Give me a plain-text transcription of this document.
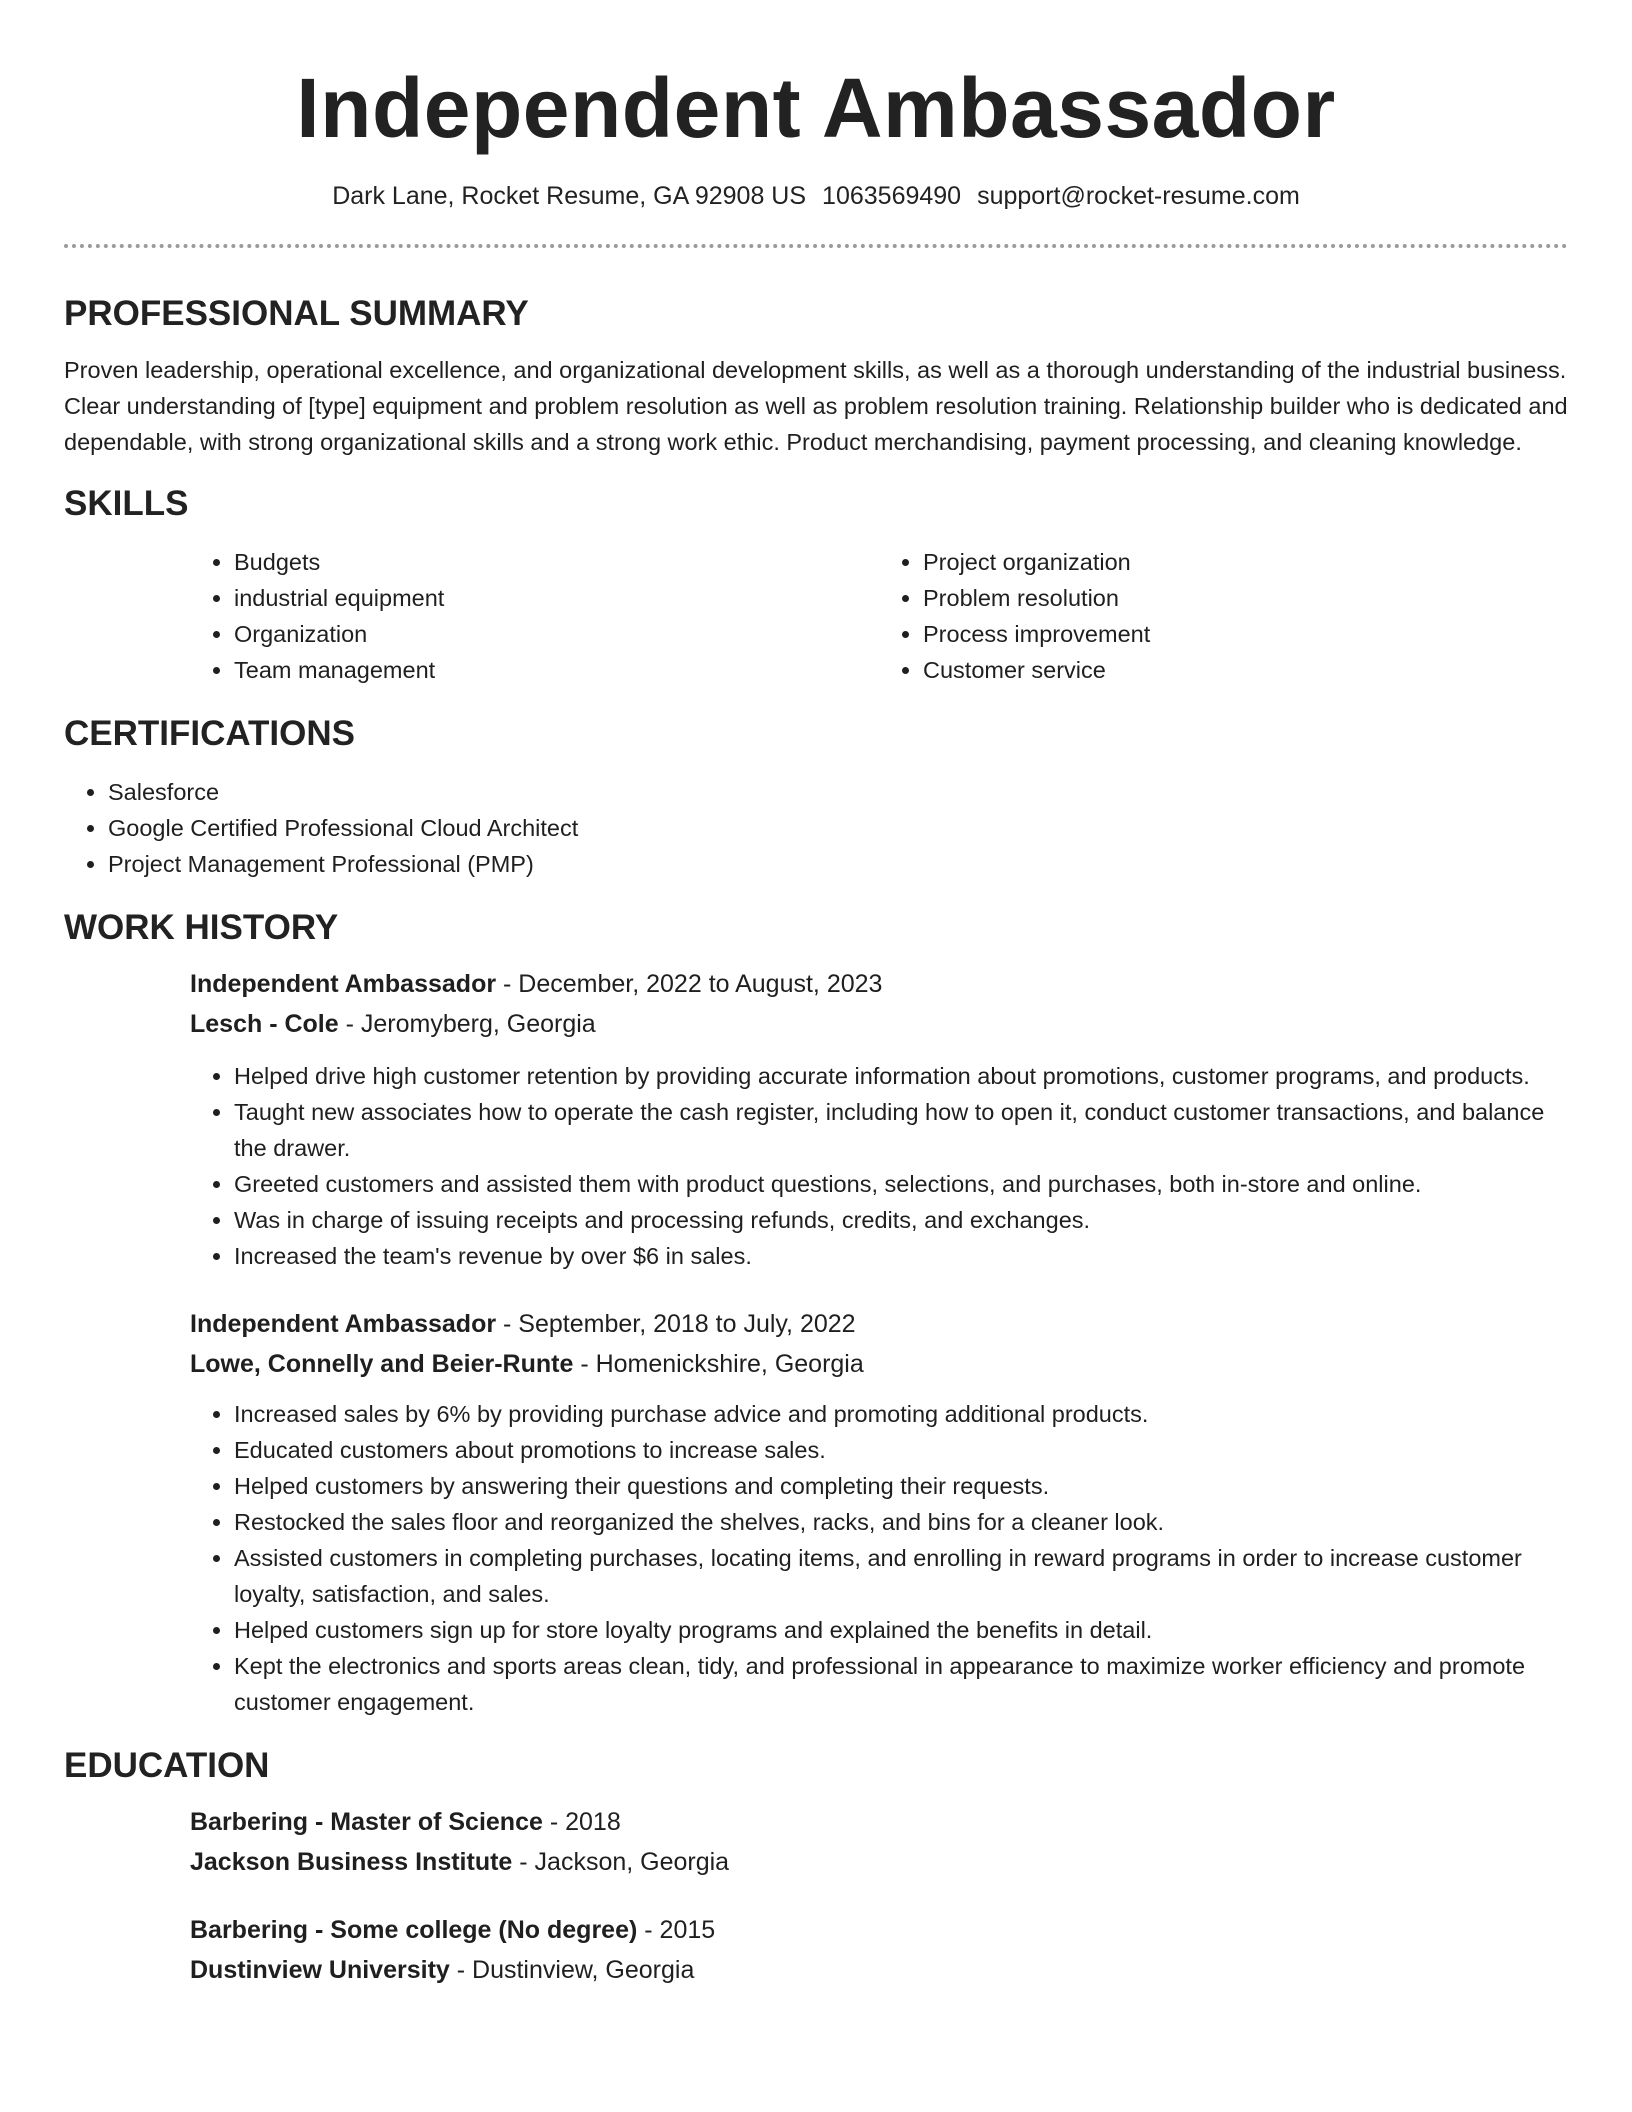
Independent Ambassador
Dark Lane, Rocket Resume, GA 92908 US 1063569490 support@rocket-resume.com
PROFESSIONAL SUMMARY

Proven leadership, operational excellence, and organizational development skills, as well as a thorough understanding of the industrial business. Clear understanding of [type] equipment and problem resolution as well as problem resolution training. Relationship builder who is dedicated and dependable, with strong organizational skills and a strong work ethic. Product merchandising, payment processing, and cleaning knowledge.

SKILLS
• Budgets
• industrial equipment
• Organization
• Team management
• Project organization
• Problem resolution
• Process improvement
• Customer service
CERTIFICATIONS
• Salesforce
• Google Certified Professional Cloud Architect
• Project Management Professional (PMP)
WORK HISTORY
Independent Ambassador - December, 2022 to August, 2023
Lesch - Cole - Jeromyberg, Georgia
• Helped drive high customer retention by providing accurate information about promotions, customer programs, and products.
• Taught new associates how to operate the cash register, including how to open it, conduct customer transactions, and balance the drawer.
• Greeted customers and assisted them with product questions, selections, and purchases, both in-store and online.
• Was in charge of issuing receipts and processing refunds, credits, and exchanges.
• Increased the team's revenue by over $6 in sales.
Independent Ambassador - September, 2018 to July, 2022
Lowe, Connelly and Beier-Runte - Homenickshire, Georgia
• Increased sales by 6% by providing purchase advice and promoting additional products.
• Educated customers about promotions to increase sales.
• Helped customers by answering their questions and completing their requests.
• Restocked the sales floor and reorganized the shelves, racks, and bins for a cleaner look.
• Assisted customers in completing purchases, locating items, and enrolling in reward programs in order to increase customer loyalty, satisfaction, and sales.
• Helped customers sign up for store loyalty programs and explained the benefits in detail.
• Kept the electronics and sports areas clean, tidy, and professional in appearance to maximize worker efficiency and promote customer engagement.
EDUCATION
Barbering - Master of Science - 2018
Jackson Business Institute - Jackson, Georgia
Barbering - Some college (No degree) - 2015
Dustinview University - Dustinview, Georgia
